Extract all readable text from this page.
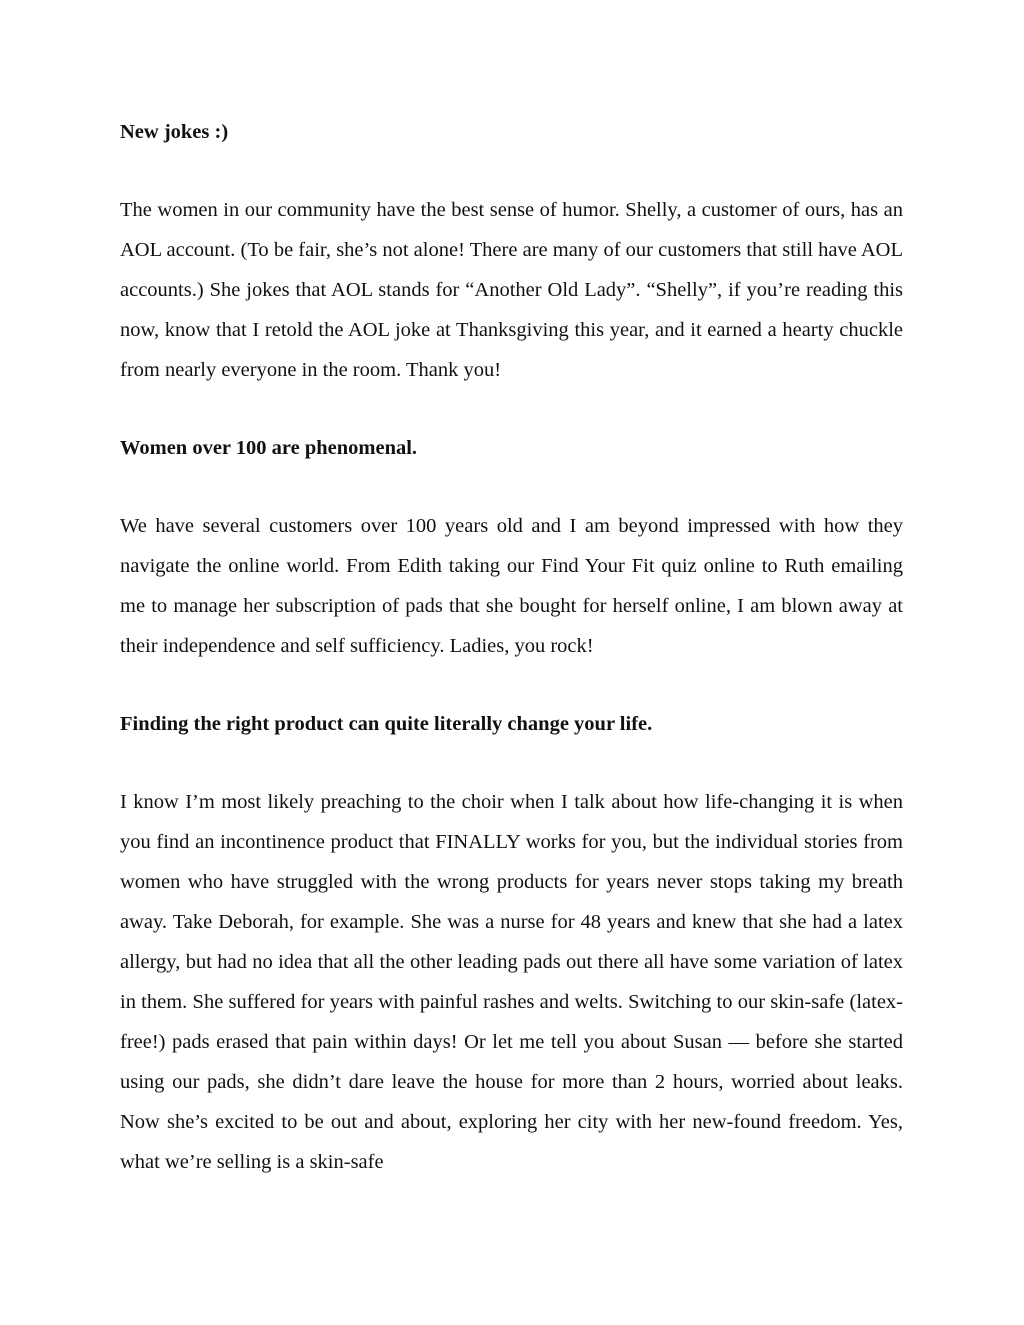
New jokes :)

The women in our community have the best sense of humor. Shelly, a customer of ours, has an AOL account. (To be fair, she’s not alone! There are many of our customers that still have AOL accounts.) She jokes that AOL stands for “Another Old Lady”. “Shelly”, if you’re reading this now, know that I retold the AOL joke at Thanksgiving this year, and it earned a hearty chuckle from nearly everyone in the room. Thank you!

Women over 100 are phenomenal.

We have several customers over 100 years old and I am beyond impressed with how they navigate the online world. From Edith taking our Find Your Fit quiz online to Ruth emailing me to manage her subscription of pads that she bought for herself online, I am blown away at their independence and self sufficiency. Ladies, you rock!

Finding the right product can quite literally change your life.

I know I’m most likely preaching to the choir when I talk about how life-changing it is when you find an incontinence product that FINALLY works for you, but the individual stories from women who have struggled with the wrong products for years never stops taking my breath away. Take Deborah, for example. She was a nurse for 48 years and knew that she had a latex allergy, but had no idea that all the other leading pads out there all have some variation of latex in them. She suffered for years with painful rashes and welts. Switching to our skin-safe (latex-free!) pads erased that pain within days! Or let me tell you about Susan — before she started using our pads, she didn’t dare leave the house for more than 2 hours, worried about leaks. Now she’s excited to be out and about, exploring her city with her new-found freedom. Yes, what we’re selling is a skin-safe
